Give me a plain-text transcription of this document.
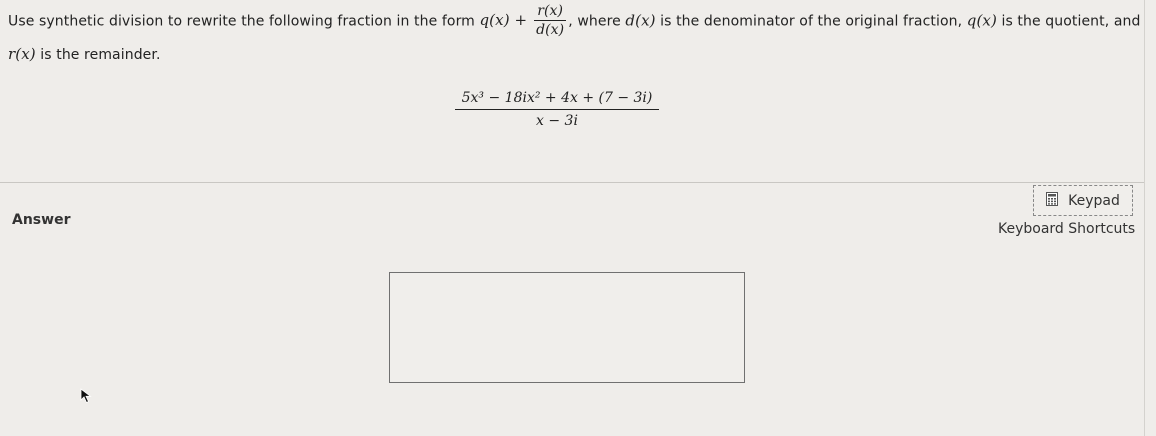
Use synthetic division to rewrite the following fraction in the form $q(x) + \frac{r(x)}{d(x)}$ , where d(x) is the denominator of the original fraction, q(x) is the quotient, and r(x) is the remainder.
$\frac{\text{5x³ − 18ix² + 4x + (7 − 3i)}}{x - 3i}$
Answer
Keypad
Keyboard Shortcuts
